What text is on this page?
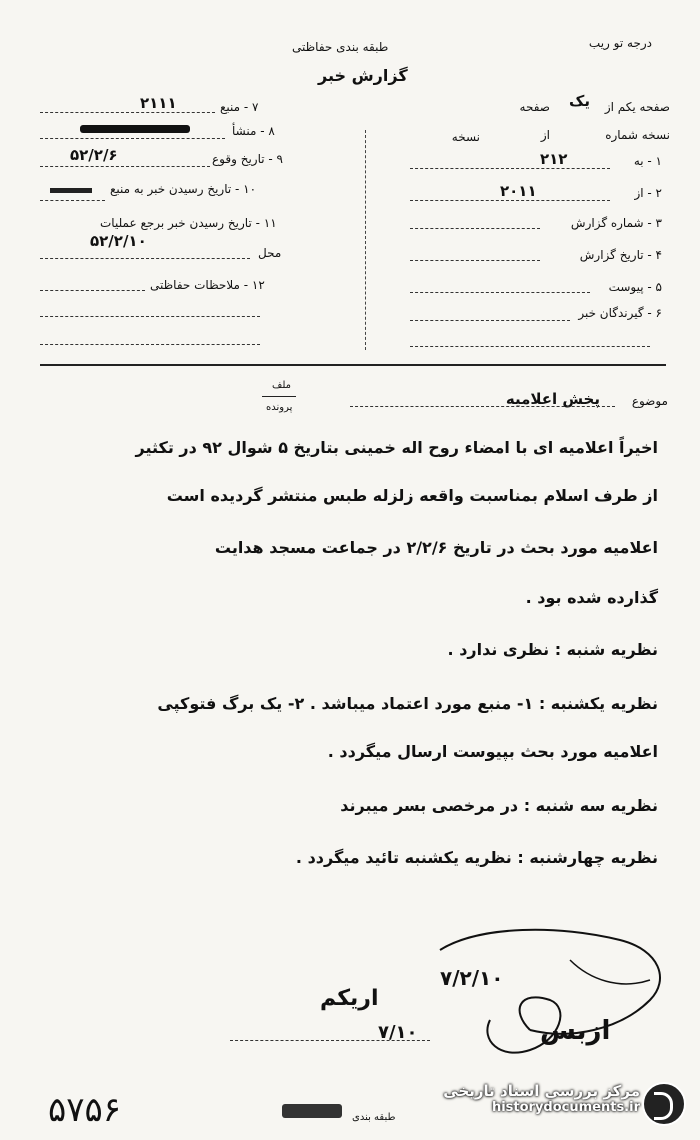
درجه تو ریب
طبقه بندی حفاظتی
گزارش خبر
صفحه یکم از
یک
صفحه
نسخه شماره
از
نسخه
۷ - منبع
۲۱۱۱
۸ - منشأ
۹ - تاریخ وقوع
۵۲/۲/۶
۱۰ - تاریخ رسیدن خبر به منبع
۱۱ - تاریخ رسیدن خبر برجع عملیات
محل
۵۲/۲/۱۰
۱۲ - ملاحظات حفاظتی
۱ - به
۲۱۲
۲ - از
۲۰۱۱
۳ - شماره گزارش
۴ - تاریخ گزارش
۵ - پیوست
۶ - گیرندگان خبر
ملف
پرونده	موضوع
پخش اعلامیه
اخیراً اعلامیه ای با امضاء روح اله خمینی بتاریخ ۵ شوال ۹۲ در تکثیر
از طرف اسلام بمناسبت واقعه زلزله طبس منتشر گردیده است
اعلامیه مورد بحث در تاریخ ۲/۲/۶ در جماعت مسجد هدایت
گذارده شده بود .
نظریه شنبه : نظری ندارد .
نظریه یکشنبه : ۱- منبع مورد اعتماد میباشد . ۲- یک برگ فتوکپی
اعلامیه مورد بحث بپیوست ارسال میگردد .
نظریه سه شنبه : در مرخصی بسر میبرند
نظریه چهارشنبه : نظریه یکشنبه تائید میگردد .
۷/۲/۱۰
اریکم
ازبس
۷/۱۰
۵۷۵۶	طبقه بندی
مرکز بررسی اسناد تاریخی
historydocuments.ir
